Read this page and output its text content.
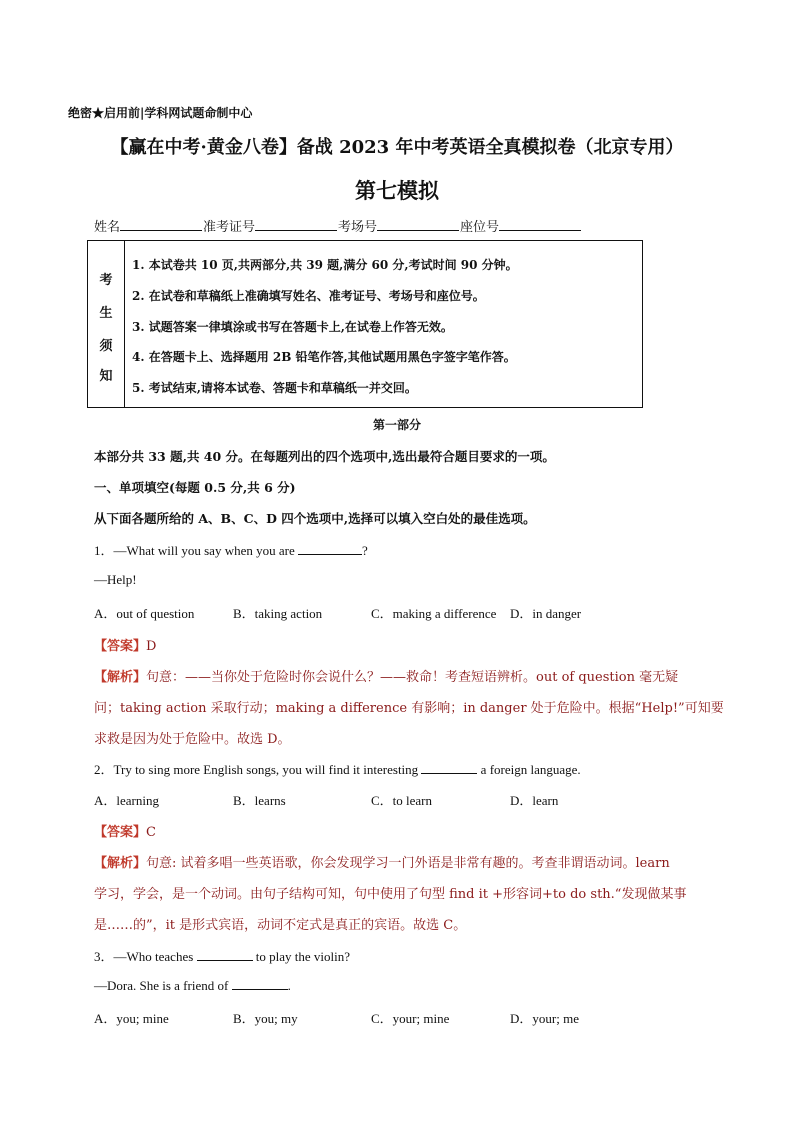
绝密★启用前|学科网试题命制中心
【赢在中考·黄金八卷】备战 2023 年中考英语全真模拟卷（北京专用）
第七模拟
姓名	准考证号	考场号	座位号
考
生
须
知
1. 本试卷共 10 页,共两部分,共 39 题,满分 60 分,考试时间 90 分钟。
2. 在试卷和草稿纸上准确填写姓名、准考证号、考场号和座位号。
3. 试题答案一律填涂或书写在答题卡上,在试卷上作答无效。
4. 在答题卡上、选择题用 2B 铅笔作答,其他试题用黑色字签字笔作答。
5. 考试结束,请将本试卷、答题卡和草稿纸一并交回。
第一部分
本部分共 33 题,共 40 分。在每题列出的四个选项中,选出最符合题目要求的一项。
一、单项填空(每题 0.5 分,共 6 分)
从下面各题所给的 A、B、C、D 四个选项中,选择可以填入空白处的最佳选项。
1．—What will you say when you are	?
—Help!
A．out of question	B．taking action	C．making a difference D．in danger
【答案】D
【解析】句意：——当你处于危险时你会说什么？——救命！考查短语辨析。out of question 毫无疑
问；taking action 采取行动；making a difference 有影响；in danger 处于危险中。根据“Help!”可知要
求救是因为处于危险中。故选 D。
2．Try to sing more English songs, you will find it interesting	a foreign language.
A．learning	B．learns	C．to learn	D．learn
【答案】C
【解析】句意: 试着多唱一些英语歌，你会发现学习一门外语是非常有趣的。考查非谓语动词。learn
学习，学会，是一个动词。由句子结构可知，句中使用了句型 find it +形容词+to do sth.“发现做某事
是……的”，it 是形式宾语，动词不定式是真正的宾语。故选 C。
3．—Who teaches	to play the violin?
—Dora. She is a friend of	.
A．you; mine	B．you; my	C．your; mine	D．your; me
